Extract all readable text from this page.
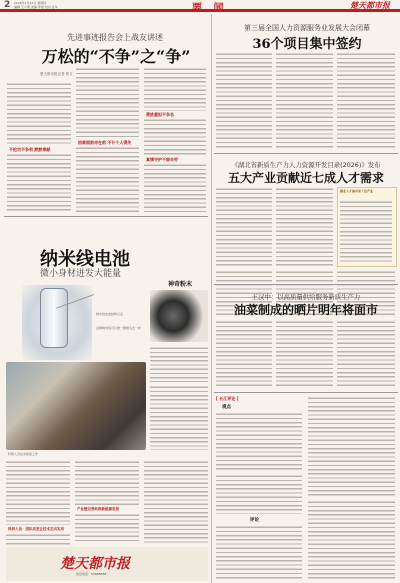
2 2026年1月22日 星期四
编辑 王小明 美编 李丽 校对 张华	要 闻	楚天都市报
先进事迹报告会上战友讲述
万松的“不争”之“争”
楚天都市报记者 张文
不抢功不争利 默默奉献
困难面前冲在前 不计个人得失
勇挑重担不争名
真情守护不辞辛劳
纳米线电池
微小身材迸发大能量
纳米线电池结构示意
这种纳米线可以像一根根毛发一样
神奇粉末
科研人员在实验室工作
科研人员：团队攻坚让技术走向实用
产业链完善助推新能源发展
楚天都市报
热线电话：84888888
第三届全国人力资源服务业发展大会闭幕
36个项目集中签约
《湖北省新质生产力人力资源开发目录(2026)》发布
五大产业贡献近七成人才需求
湖北人才需求前十位产业
王汉中：以高质量供给服务新质生产力
油菜制成的晒片明年将面市
[ 长江评论 ]
观点
评论
